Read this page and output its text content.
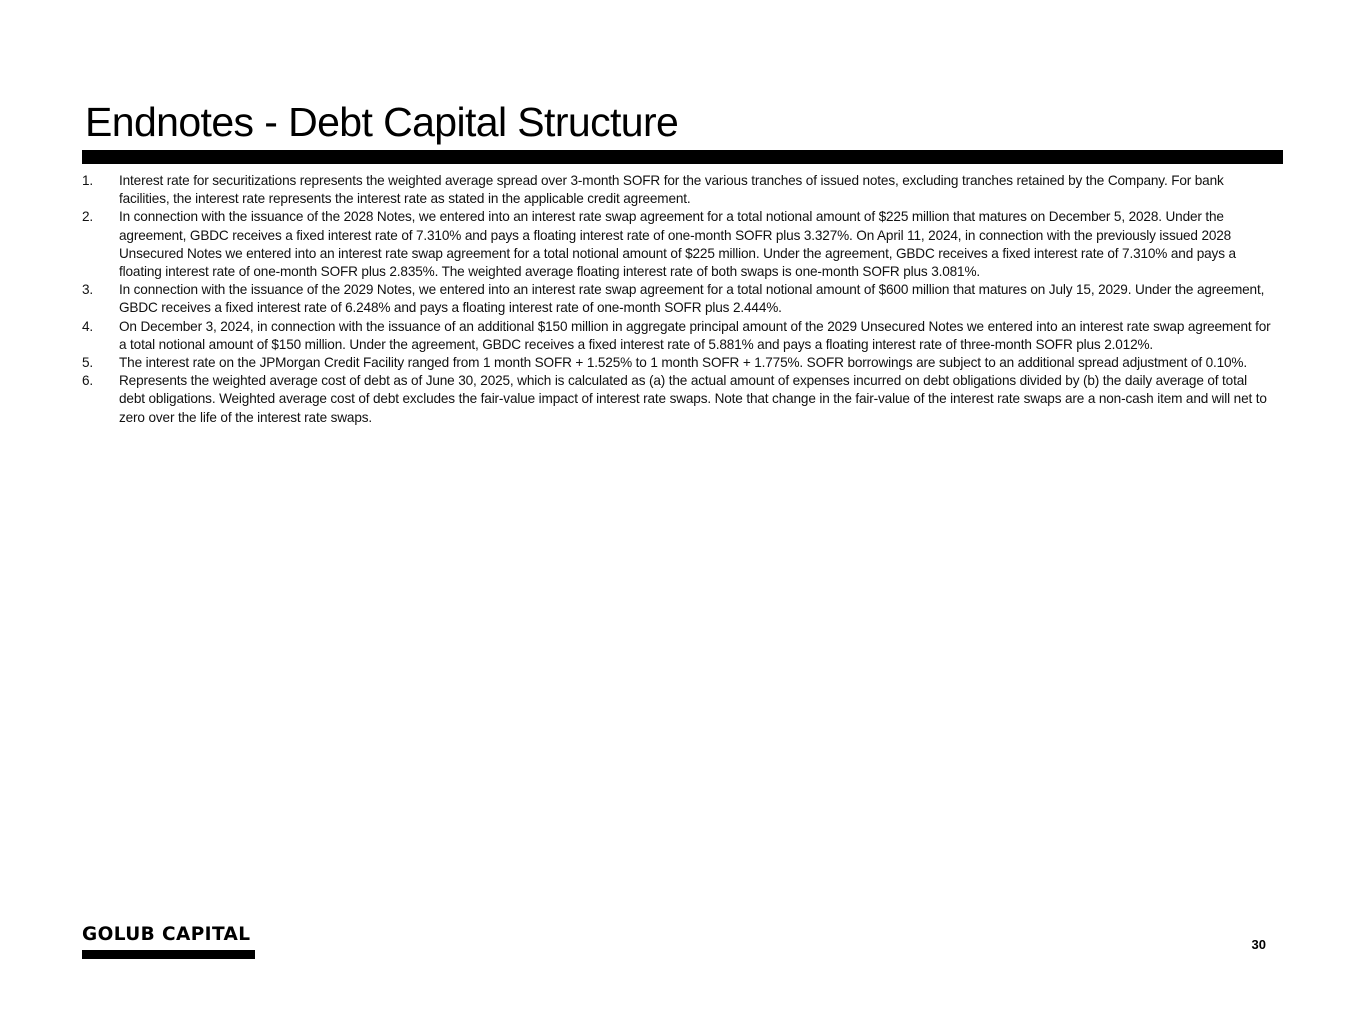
Endnotes - Debt Capital Structure
1.	Interest rate for securitizations represents the weighted average spread over 3-month SOFR for the various tranches of issued notes, excluding tranches retained by the Company. For bank facilities, the interest rate represents the interest rate as stated in the applicable credit agreement.
2.	In connection with the issuance of the 2028 Notes, we entered into an interest rate swap agreement for a total notional amount of $225 million that matures on December 5, 2028. Under the agreement, GBDC receives a fixed interest rate of 7.310% and pays a floating interest rate of one-month SOFR plus 3.327%. On April 11, 2024, in connection with the previously issued 2028 Unsecured Notes we entered into an interest rate swap agreement for a total notional amount of $225 million. Under the agreement, GBDC receives a fixed interest rate of 7.310% and pays a floating interest rate of one-month SOFR plus 2.835%. The weighted average floating interest rate of both swaps is one-month SOFR plus 3.081%.
3.	In connection with the issuance of the 2029 Notes, we entered into an interest rate swap agreement for a total notional amount of $600 million that matures on July 15, 2029. Under the agreement, GBDC receives a fixed interest rate of 6.248% and pays a floating interest rate of one-month SOFR plus 2.444%.
4.	On December 3, 2024, in connection with the issuance of an additional $150 million in aggregate principal amount of the 2029 Unsecured Notes we entered into an interest rate swap agreement for a total notional amount of $150 million. Under the agreement, GBDC receives a fixed interest rate of 5.881% and pays a floating interest rate of three-month SOFR plus 2.012%.
5.	The interest rate on the JPMorgan Credit Facility ranged from 1 month SOFR + 1.525% to 1 month SOFR + 1.775%. SOFR borrowings are subject to an additional spread adjustment of 0.10%.
6.	Represents the weighted average cost of debt as of June 30, 2025, which is calculated as (a) the actual amount of expenses incurred on debt obligations divided by (b) the daily average of total debt obligations. Weighted average cost of debt excludes the fair-value impact of interest rate swaps. Note that change in the fair-value of the interest rate swaps are a non-cash item and will net to zero over the life of the interest rate swaps.
GOLUB CAPITAL	30
